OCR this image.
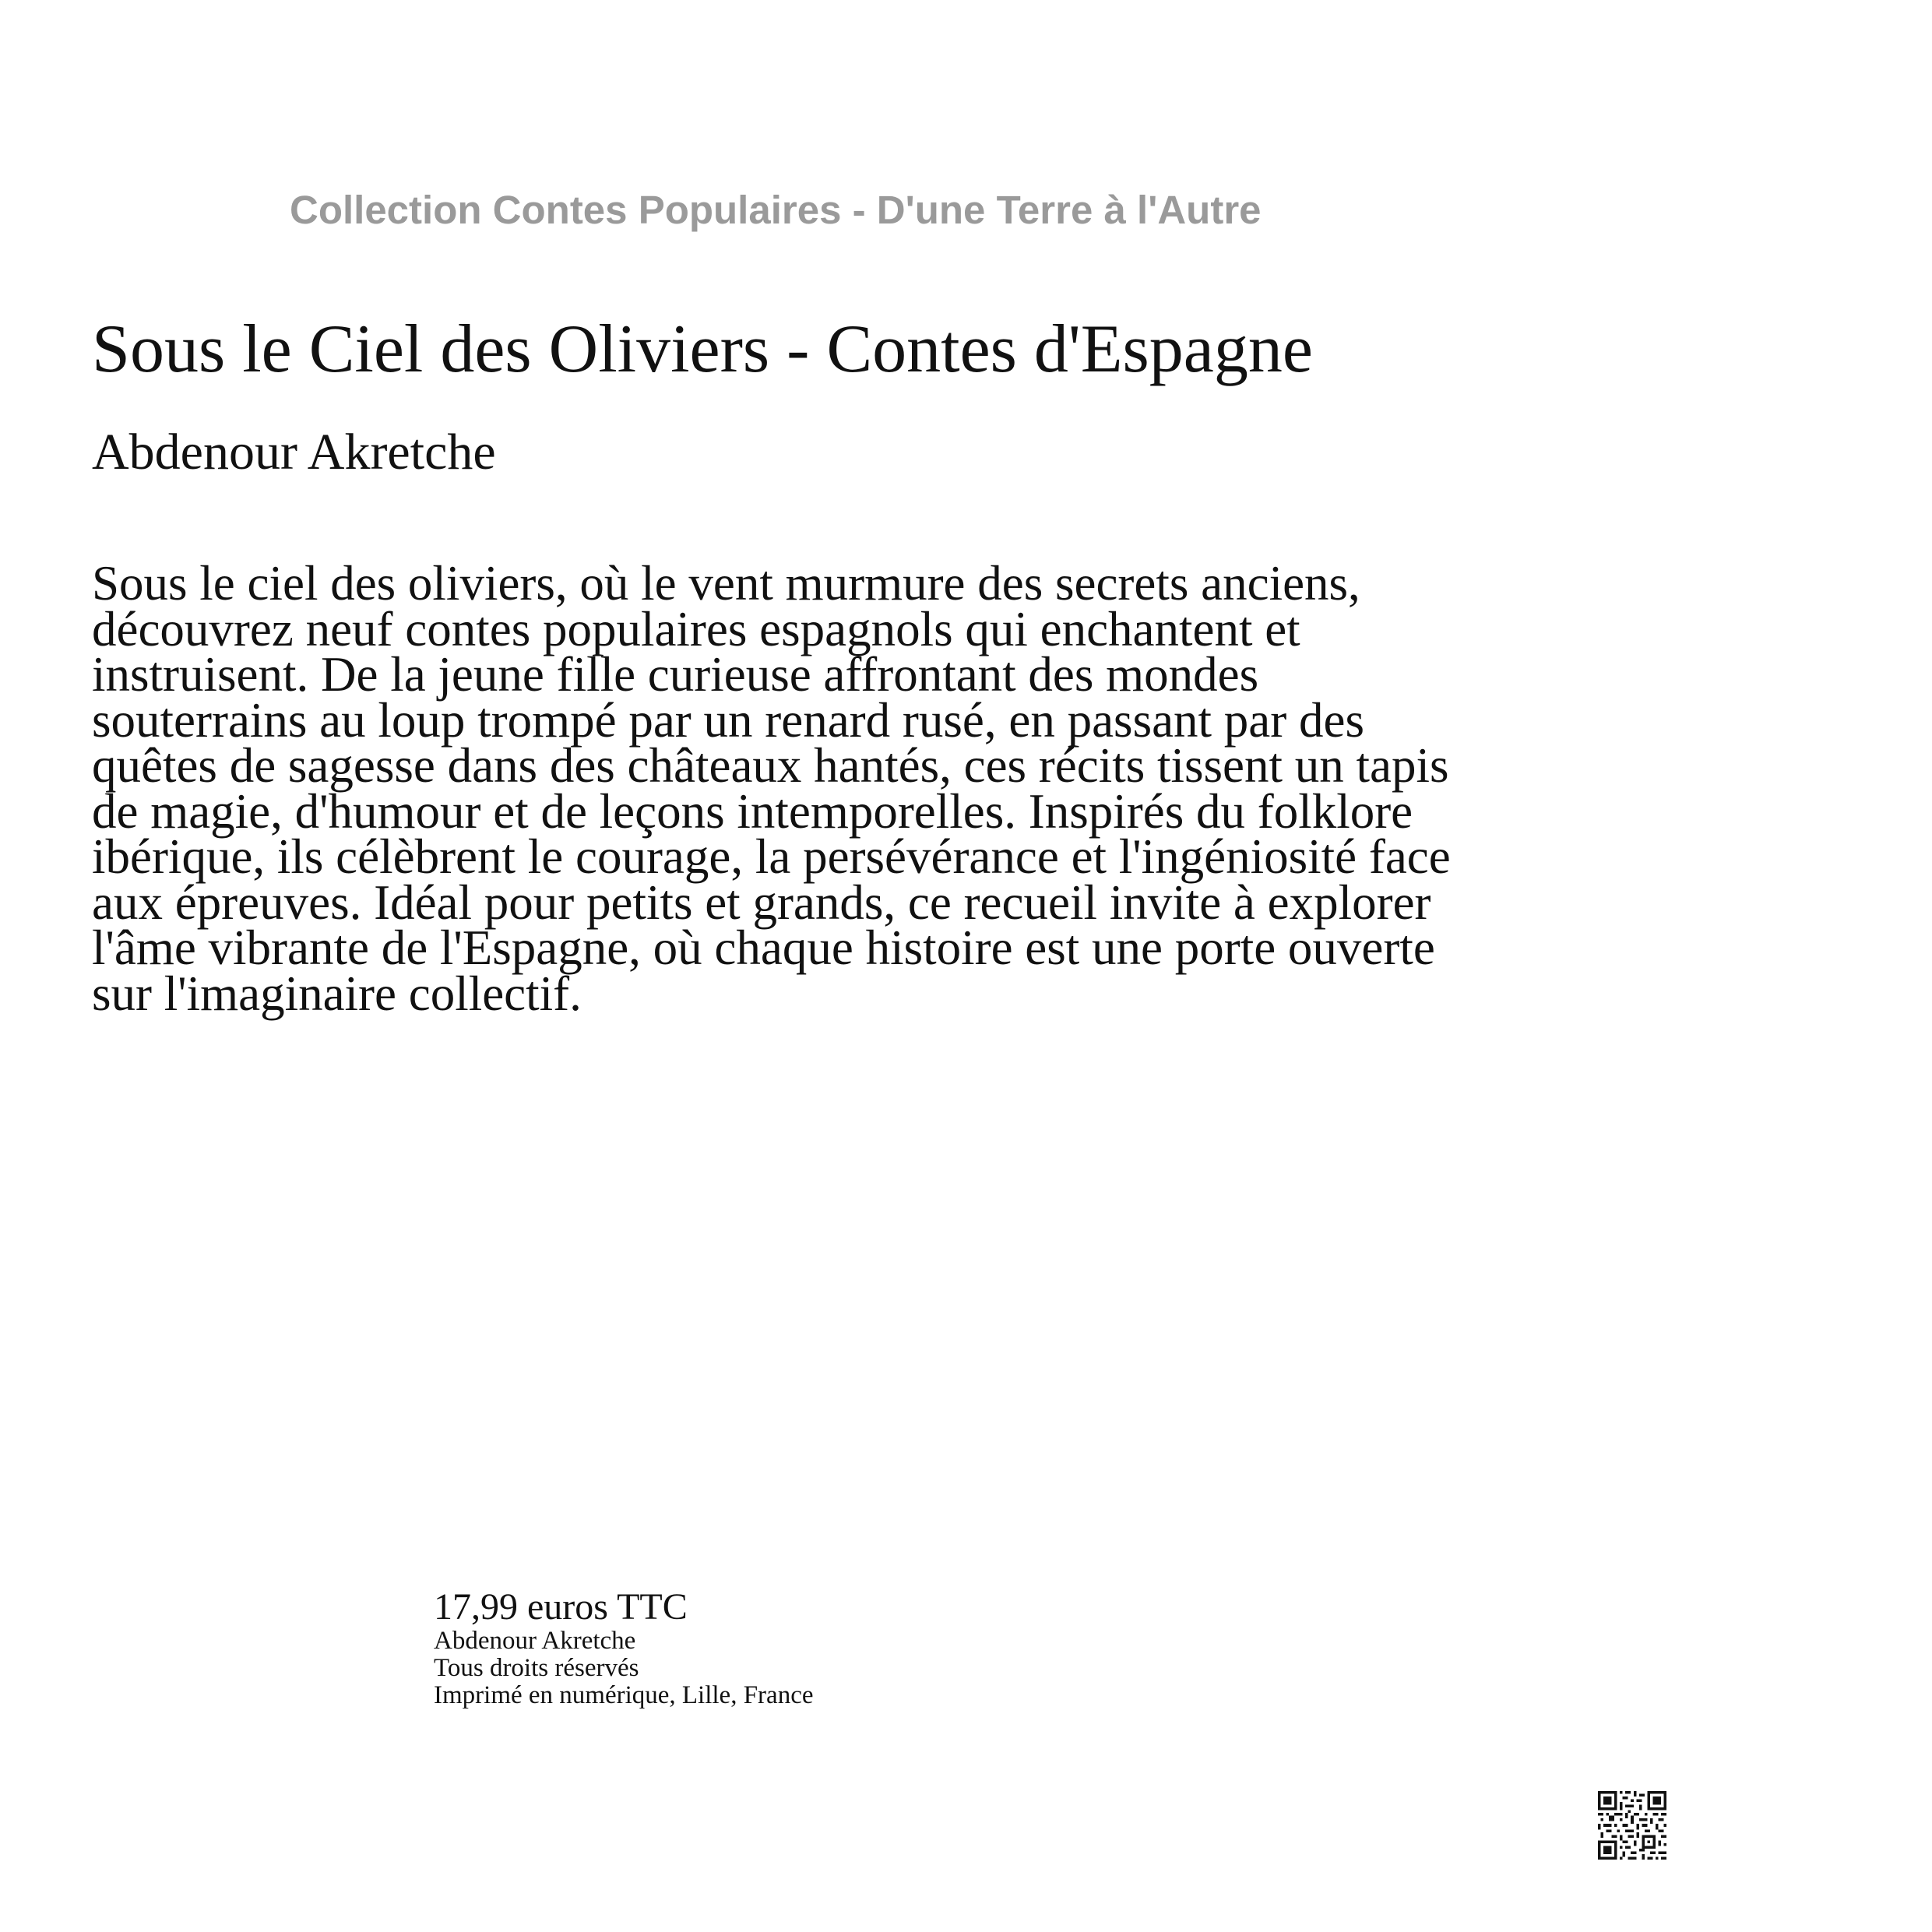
Collection Contes Populaires - D'une Terre à l'Autre
Sous le Ciel des Oliviers - Contes d'Espagne
Abdenour Akretche

Sous le ciel des oliviers, où le vent murmure des secrets anciens, découvrez neuf contes populaires espagnols qui enchantent et instruisent. De la jeune fille curieuse affrontant des mondes souterrains au loup trompé par un renard rusé, en passant par des quêtes de sagesse dans des châteaux hantés, ces récits tissent un tapis de magie, d'humour et de leçons intemporelles. Inspirés du folklore ibérique, ils célèbrent le courage, la persévérance et l'ingéniosité face aux épreuves. Idéal pour petits et grands, ce recueil invite à explorer l'âme vibrante de l'Espagne, où chaque histoire est une porte ouverte sur l'imaginaire collectif.

17,99 euros TTC
Abdenour Akretche
Tous droits réservés
Imprimé en numérique, Lille, France
